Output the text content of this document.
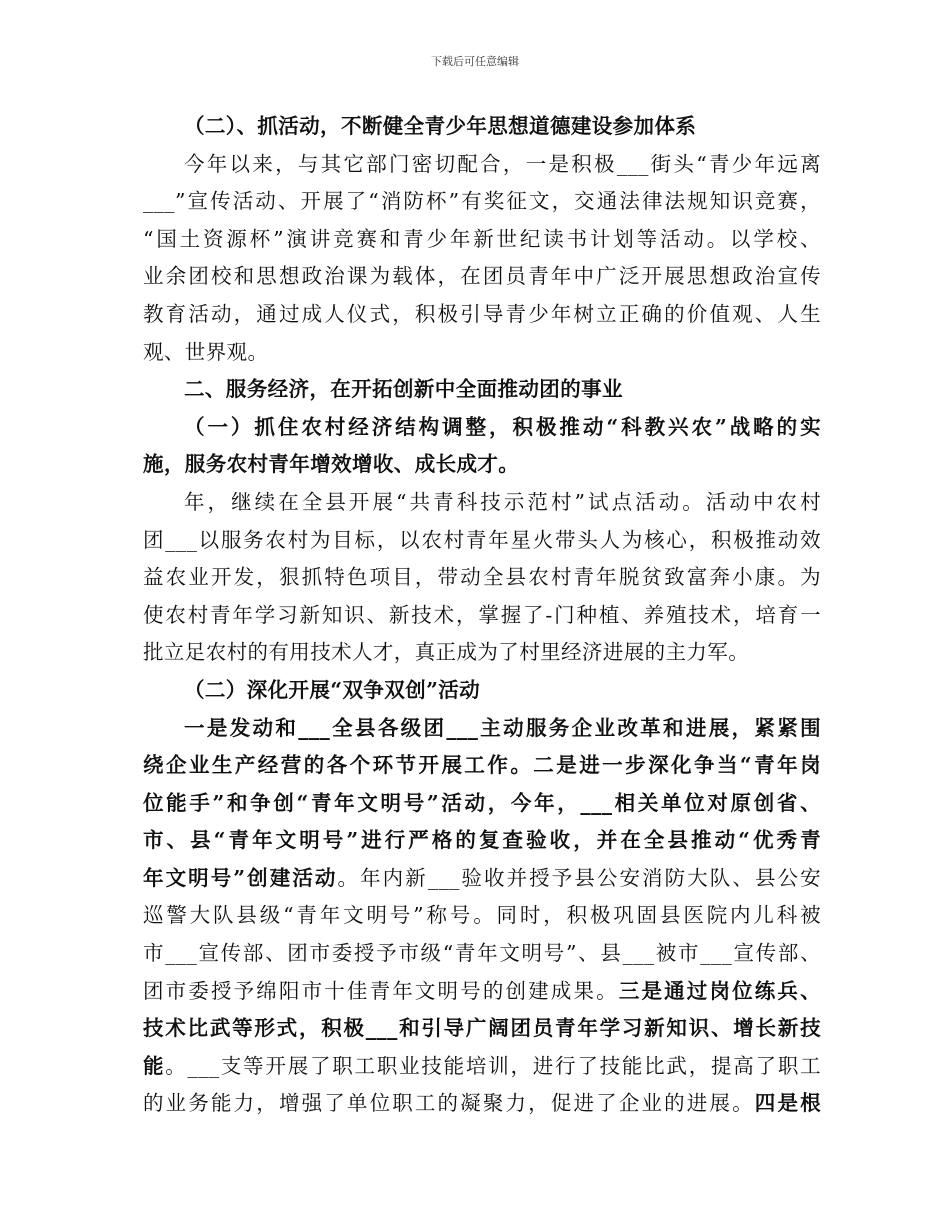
下载后可任意编辑
（二）、抓活动，不断健全青少年思想道德建设参加体系
今年以来，与其它部门密切配合，一是积极___街头“青少年远离
___”宣传活动、开展了“消防杯”有奖征文，交通法律法规知识竞赛，
“国土资源杯”演讲竞赛和青少年新世纪读书计划等活动。以学校、
业余团校和思想政治课为载体，在团员青年中广泛开展思想政治宣传
教育活动，通过成人仪式，积极引导青少年树立正确的价值观、人生
观、世界观。
二、服务经济，在开拓创新中全面推动团的事业
（一）抓住农村经济结构调整，积极推动“科教兴农”战略的实
施，服务农村青年增效增收、成长成才。
年，继续在全县开展“共青科技示范村”试点活动。活动中农村
团___以服务农村为目标，以农村青年星火带头人为核心，积极推动效
益农业开发，狠抓特色项目，带动全县农村青年脱贫致富奔小康。为
使农村青年学习新知识、新技术，掌握了-门种植、养殖技术，培育一
批立足农村的有用技术人才，真正成为了村里经济进展的主力军。
（二）深化开展“双争双创”活动
一是发动和___全县各级团___主动服务企业改革和进展，紧紧围
绕企业生产经营的各个环节开展工作。二是进一步深化争当“青年岗
位能手”和争创“青年文明号”活动，今年，___相关单位对原创省、
市、县“青年文明号”进行严格的复查验收，并在全县推动“优秀青
年文明号”创建活动。年内新___验收并授予县公安消防大队、县公安
巡警大队县级“青年文明号”称号。同时，积极巩固县医院内儿科被
市___宣传部、团市委授予市级“青年文明号”、县___被市___宣传部、
团市委授予绵阳市十佳青年文明号的创建成果。三是通过岗位练兵、
技术比武等形式，积极___和引导广阔团员青年学习新知识、增长新技
能。___支等开展了职工职业技能培训，进行了技能比武，提高了职工
的业务能力，增强了单位职工的凝聚力，促进了企业的进展。四是根
